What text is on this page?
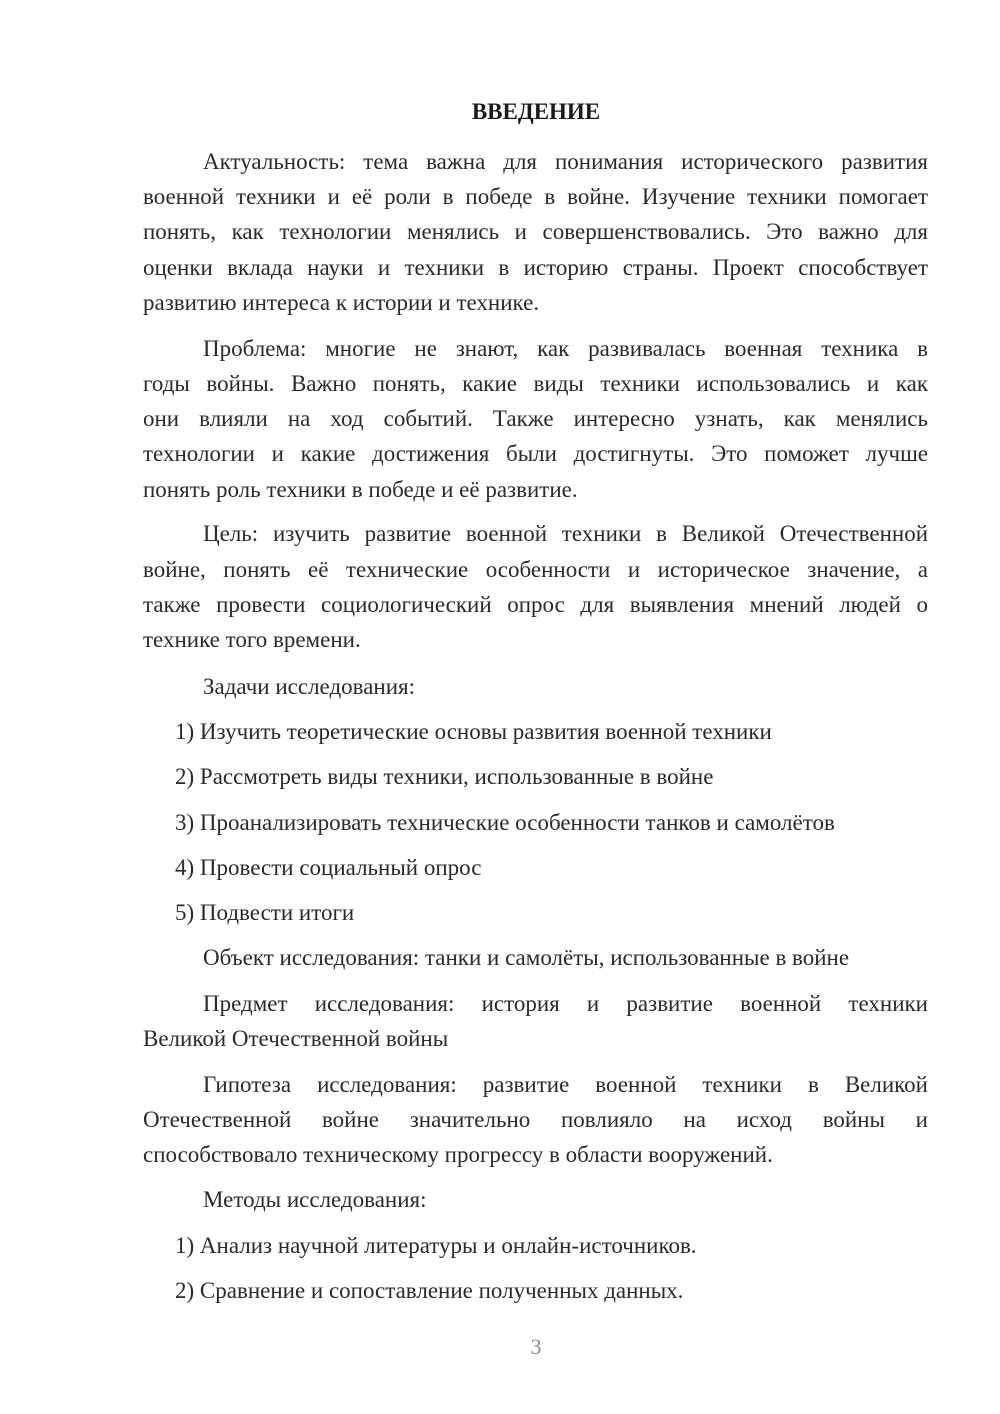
ВВЕДЕНИЕ
Актуальность: тема важна для понимания исторического развития
военной техники и её роли в победе в войне. Изучение техники помогает
понять, как технологии менялись и совершенствовались. Это важно для
оценки вклада науки и техники в историю страны. Проект способствует
развитию интереса к истории и технике.
Проблема: многие не знают, как развивалась военная техника в
годы войны. Важно понять, какие виды техники использовались и как
они влияли на ход событий. Также интересно узнать, как менялись
технологии и какие достижения были достигнуты. Это поможет лучше
понять роль техники в победе и её развитие.
Цель: изучить развитие военной техники в Великой Отечественной
войне, понять её технические особенности и историческое значение, а
также провести социологический опрос для выявления мнений людей о
технике того времени.
Задачи исследования:
1) Изучить теоретические основы развития военной техники
2) Рассмотреть виды техники, использованные в войне
3) Проанализировать технические особенности танков и самолётов
4) Провести социальный опрос
5) Подвести итоги
Объект исследования: танки и самолёты, использованные в войне
Предмет исследования: история и развитие военной техники
Великой Отечественной войны
Гипотеза исследования: развитие военной техники в Великой
Отечественной войне значительно повлияло на исход войны и
способствовало техническому прогрессу в области вооружений.
Методы исследования:
1) Анализ научной литературы и онлайн-источников.
2) Сравнение и сопоставление полученных данных.
3
